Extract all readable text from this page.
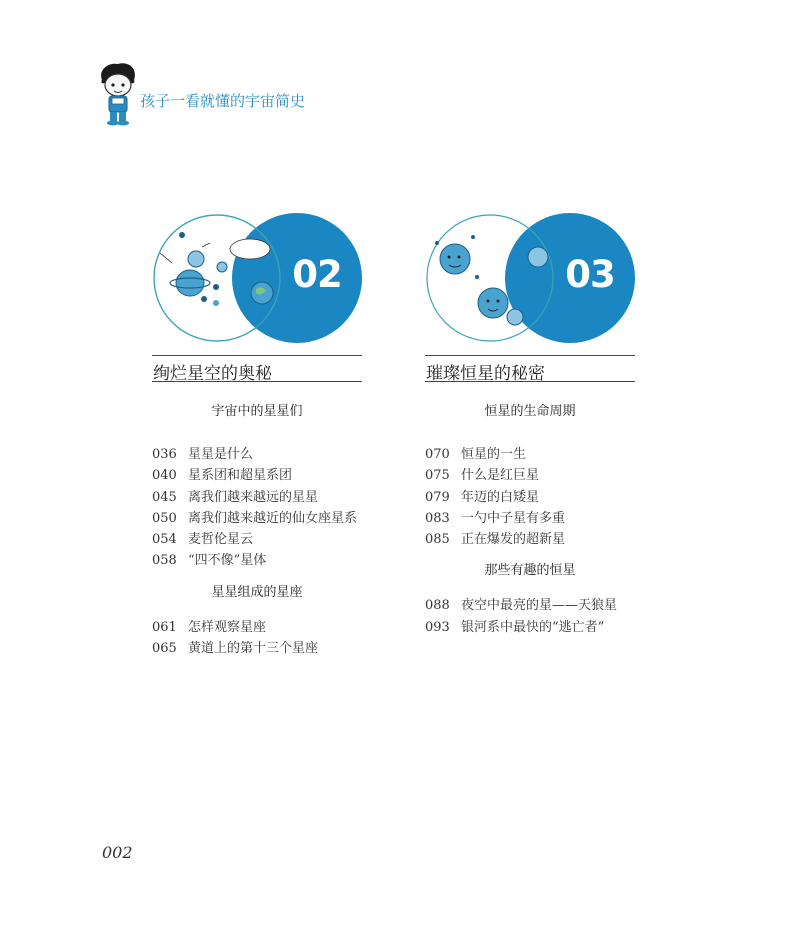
孩子一看就懂的宇宙简史
02
绚烂星空的奥秘
03
璀璨恒星的秘密
宇宙中的星星们
036 星星是什么
040 星系团和超星系团
045 离我们越来越远的星星
050 离我们越来越近的仙女座星系
054 麦哲伦星云
058 “四不像”星体
星星组成的星座
061 怎样观察星座
065 黄道上的第十三个星座
恒星的生命周期
070 恒星的一生
075 什么是红巨星
079 年迈的白矮星
083 一勺中子星有多重
085 正在爆发的超新星
那些有趣的恒星
088 夜空中最亮的星——天狼星
093 银河系中最快的“逃亡者”
002
